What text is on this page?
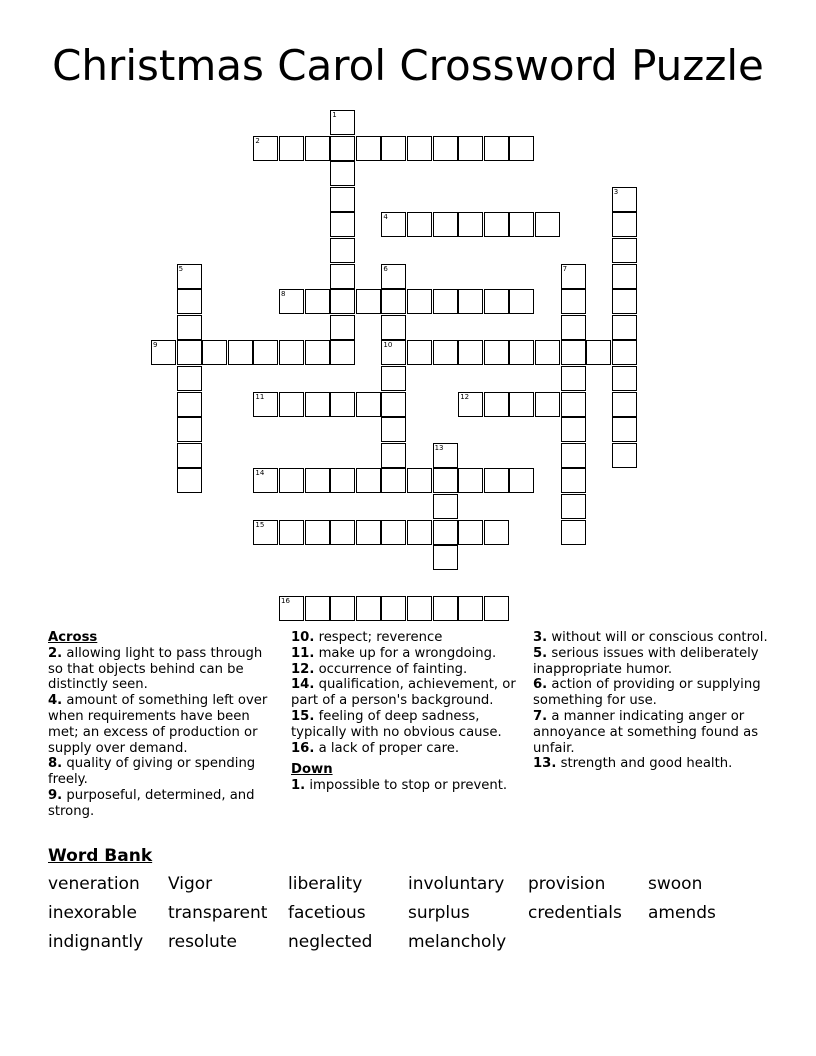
Christmas Carol Crossword Puzzle
1
2
3
4
5	6
10
7
8
9
11	12
13
14
15
16
Across
2. allowing light to pass through so that objects behind can be distinctly seen.
4. amount of something left over when requirements have been met; an excess of production or supply over demand.
8. quality of giving or spending freely.
9. purposeful, determined, and strong.
10. respect; reverence
11. make up for a wrongdoing.
12. occurrence of fainting.
14. qualification, achievement, or part of a person's background.
15. feeling of deep sadness, typically with no obvious cause.
16. a lack of proper care.
Down
1. impossible to stop or prevent.
3. without will or conscious control.
5. serious issues with deliberately inappropriate humor.
6. action of providing or supplying something for use.
7. a manner indicating anger or annoyance at something found as unfair.
13. strength and good health.
Word Bank
veneration	Vigor	liberality	involuntary	provision	swoon
inexorable	transparent	facetious	surplus	credentials	amends
indignantly	resolute	neglected	melancholy
